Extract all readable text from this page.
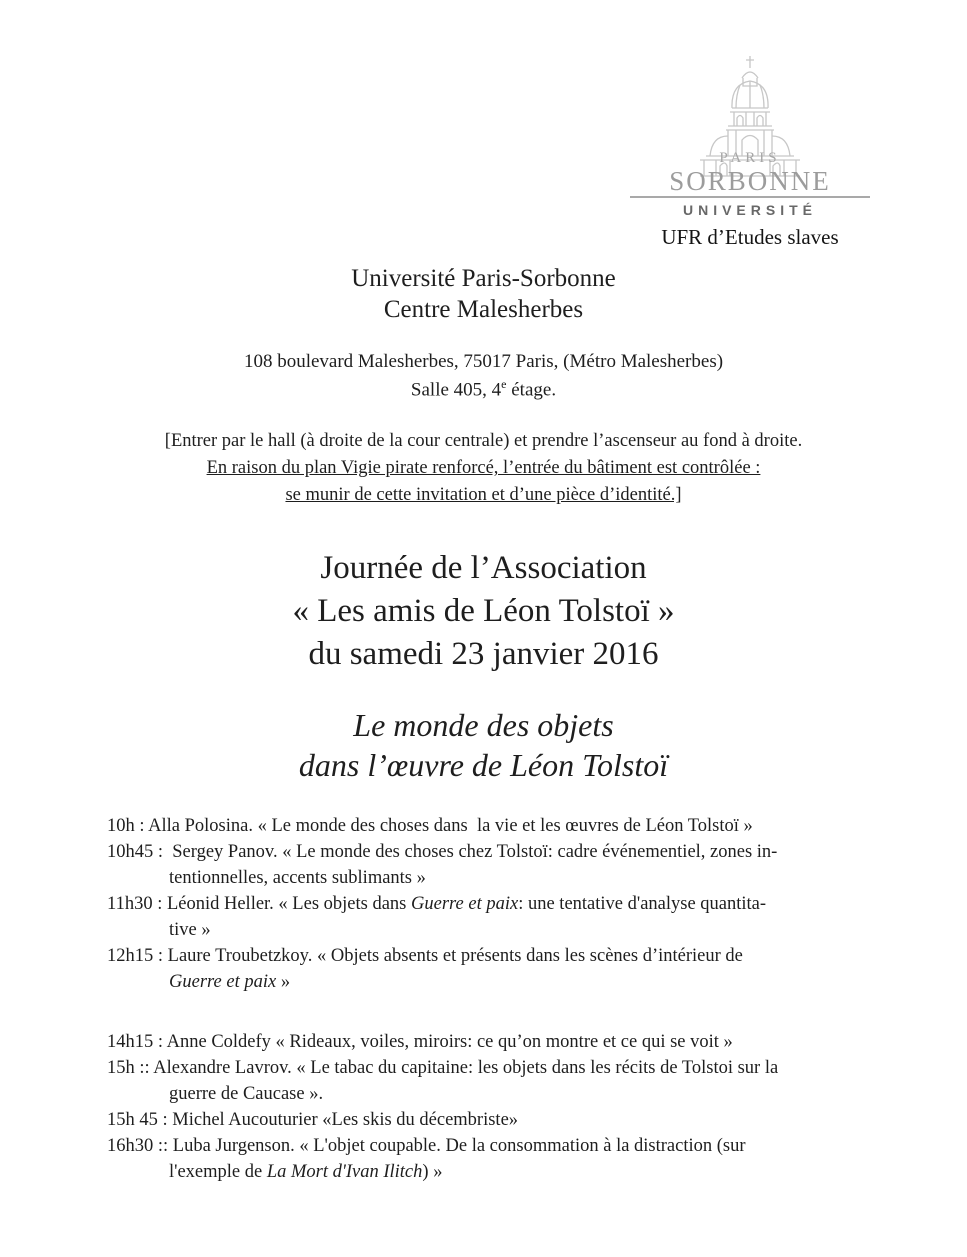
PARIS
SORBONNE
UNIVERSITÉ
UFR d’Etudes slaves
Université Paris-Sorbonne
Centre Malesherbes
108 boulevard Malesherbes, 75017 Paris, (Métro Malesherbes)
Salle 405, 4e étage.
[Entrer par le hall (à droite de la cour centrale) et prendre l’ascenseur au fond à droite.
En raison du plan Vigie pirate renforcé, l’entrée du bâtiment est contrôlée :
se munir de cette invitation et d’une pièce d’identité.]
Journée de l’Association
« Les amis de Léon Tolstoï »
du samedi 23 janvier 2016
Le monde des objets
dans l’œuvre de Léon Tolstoï
10h : Alla Polosina. « Le monde des choses dans  la vie et les œuvres de Léon Tolstoï »
10h45 :  Sergey Panov. « Le monde des choses chez Tolstoï: cadre événementiel, zones in-
tentionnelles, accents sublimants »
11h30 : Léonid Heller. « Les objets dans Guerre et paix: une tentative d'analyse quantita-
tive »
12h15 : Laure Troubetzkoy. « Objets absents et présents dans les scènes d’intérieur de
Guerre et paix »
14h15 : Anne Coldefy « Rideaux, voiles, miroirs: ce qu’on montre et ce qui se voit »
15h :: Alexandre Lavrov. « Le tabac du capitaine: les objets dans les récits de Tolstoi sur la
guerre de Caucase ».
15h 45 : Michel Aucouturier «Les skis du décembriste»
16h30 :: Luba Jurgenson. « L'objet coupable. De la consommation à la distraction (sur
l'exemple de La Mort d'Ivan Ilitch) »
